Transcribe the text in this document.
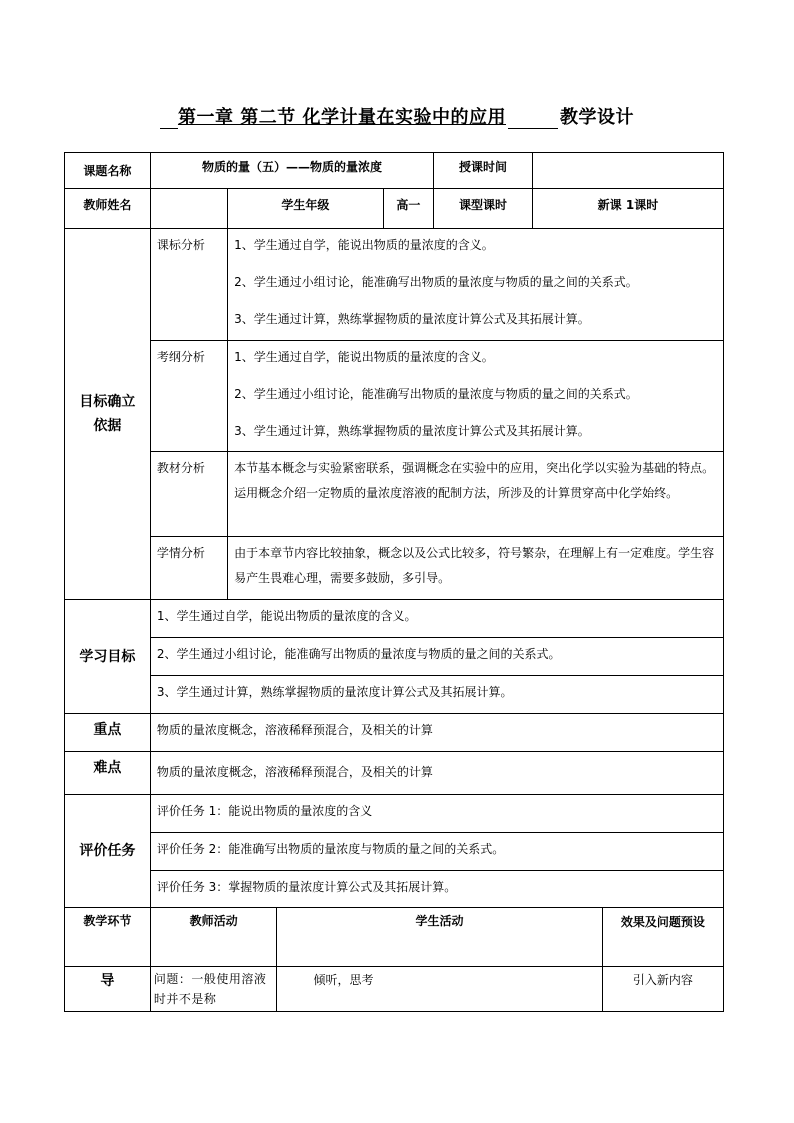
第一章 第二节 化学计量在实验中的应用	教学设计
课题名称	物质的量（五）——物质的量浓度				授课时间		
教师姓名		学生年级		高一	课型课时	新课 1课时	

目标确立依据	课标分析	1、学生通过自学，能说出物质的量浓度的含义。
2、学生通过小组讨论，能准确写出物质的量浓度与物质的量之间的关系式。
3、学生通过计算，熟练掌握物质的量浓度计算公式及其拓展计算。					

	考纲分析	1、学生通过自学，能说出物质的量浓度的含义。
2、学生通过小组讨论，能准确写出物质的量浓度与物质的量之间的关系式。
3、学生通过计算，熟练掌握物质的量浓度计算公式及其拓展计算。					

	教材分析	本节基本概念与实验紧密联系，强调概念在实验中的应用，突出化学以实验为基础的特点。运用概念介绍一定物质的量浓度溶液的配制方法，所涉及的计算贯穿高中化学始终。					
	学情分析	由于本章节内容比较抽象，概念以及公式比较多，符号繁杂，在理解上有一定难度。学生容易产生畏难心理，需要多鼓励，多引导。					
学习目标	1、学生通过自学，能说出物质的量浓度的含义。						
	2、学生通过小组讨论，能准确写出物质的量浓度与物质的量之间的关系式。						
	3、学生通过计算，熟练掌握物质的量浓度计算公式及其拓展计算。						
重点	物质的量浓度概念，溶液稀释预混合，及相关的计算						
难点	物质的量浓度概念，溶液稀释预混合，及相关的计算						
评价任务	评价任务 1：能说出物质的量浓度的含义						
	评价任务 2：能准确写出物质的量浓度与物质的量之间的关系式。						
	评价任务 3：掌握物质的量浓度计算公式及其拓展计算。						
教学环节	教师活动		学生活动				效果及问题预设
导	问题：一般使用溶液时并不是称		倾听，思考				引入新内容
